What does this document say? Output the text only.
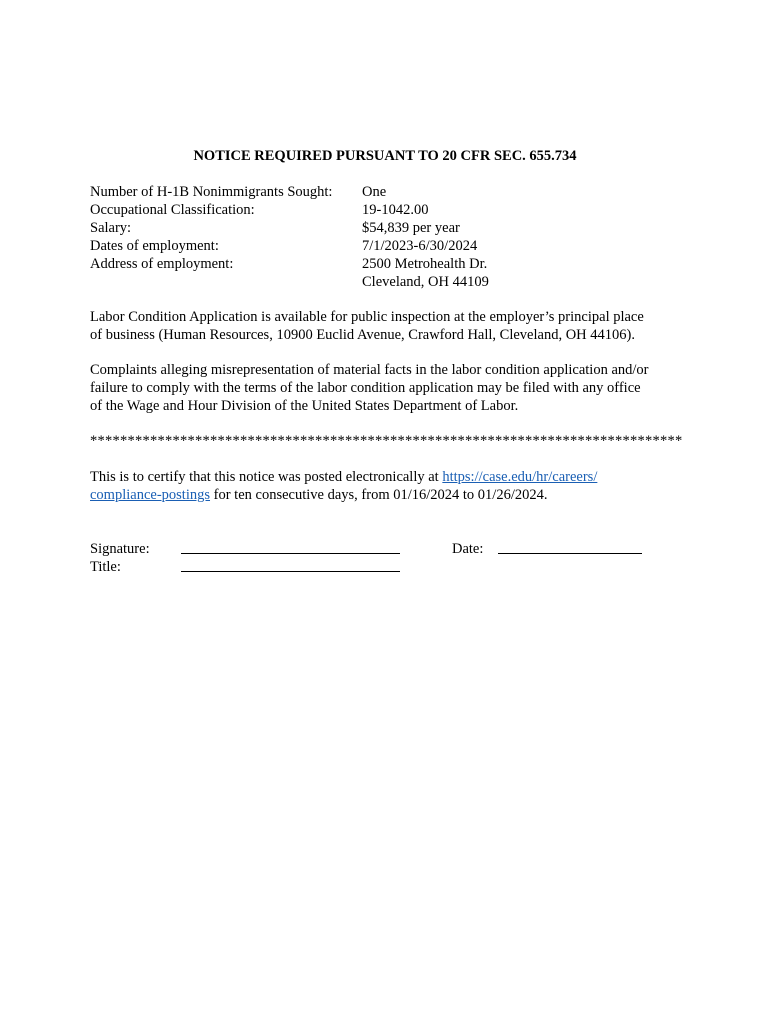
NOTICE REQUIRED PURSUANT TO 20 CFR SEC. 655.734
Number of H-1B Nonimmigrants Sought:	One
Occupational Classification:	19-1042.00
Salary:	$54,839 per year
Dates of employment:	7/1/2023-6/30/2024
Address of employment:	2500 Metrohealth Dr.
Cleveland, OH 44109
Labor Condition Application is available for public inspection at the employer’s principal place
of business (Human Resources, 10900 Euclid Avenue, Crawford Hall, Cleveland, OH 44106).
Complaints alleging misrepresentation of material facts in the labor condition application and/or
failure to comply with the terms of the labor condition application may be filed with any office
of the Wage and Hour Division of the United States Department of Labor.
*******************************************************************************
This is to certify that this notice was posted electronically at https://case.edu/hr/careers/
compliance-postings for ten consecutive days, from 01/16/2024 to 01/26/2024.
Signature:	Date:
Title:
